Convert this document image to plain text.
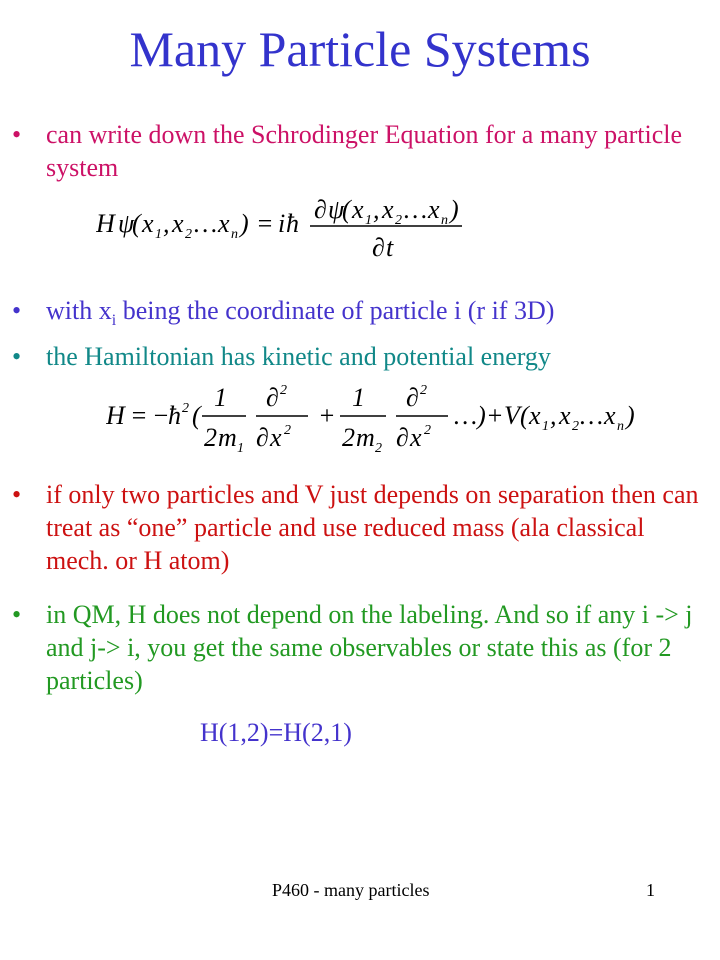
Many Particle Systems
• can write down the Schrodinger Equation for a many particle system
H ψ
( x 1 , x 2 … x n ) = i ħ ∂ ψ
( x 1 , x 2 … x n )
∂ t
• with $x_i$ being the coordinate of particle i (r if 3D)
• the Hamiltonian has kinetic and potential energy
H = −
ħ 2 (
1
2 m 1
∂ 2
∂ x 2
+
1
2 m 2
∂ 2
∂ x 2
…) + V ( x 1 , x 2 … x n )
• if only two particles and V just depends on separation then can treat as “one” particle and use reduced mass (ala classical mech. or H atom)
• in QM, H does not depend on the labeling. And so if any i -> j and j-> i, you get the same observables or state this as (for 2 particles)
H(1,2)=H(2,1)
P460 - many particles	1
